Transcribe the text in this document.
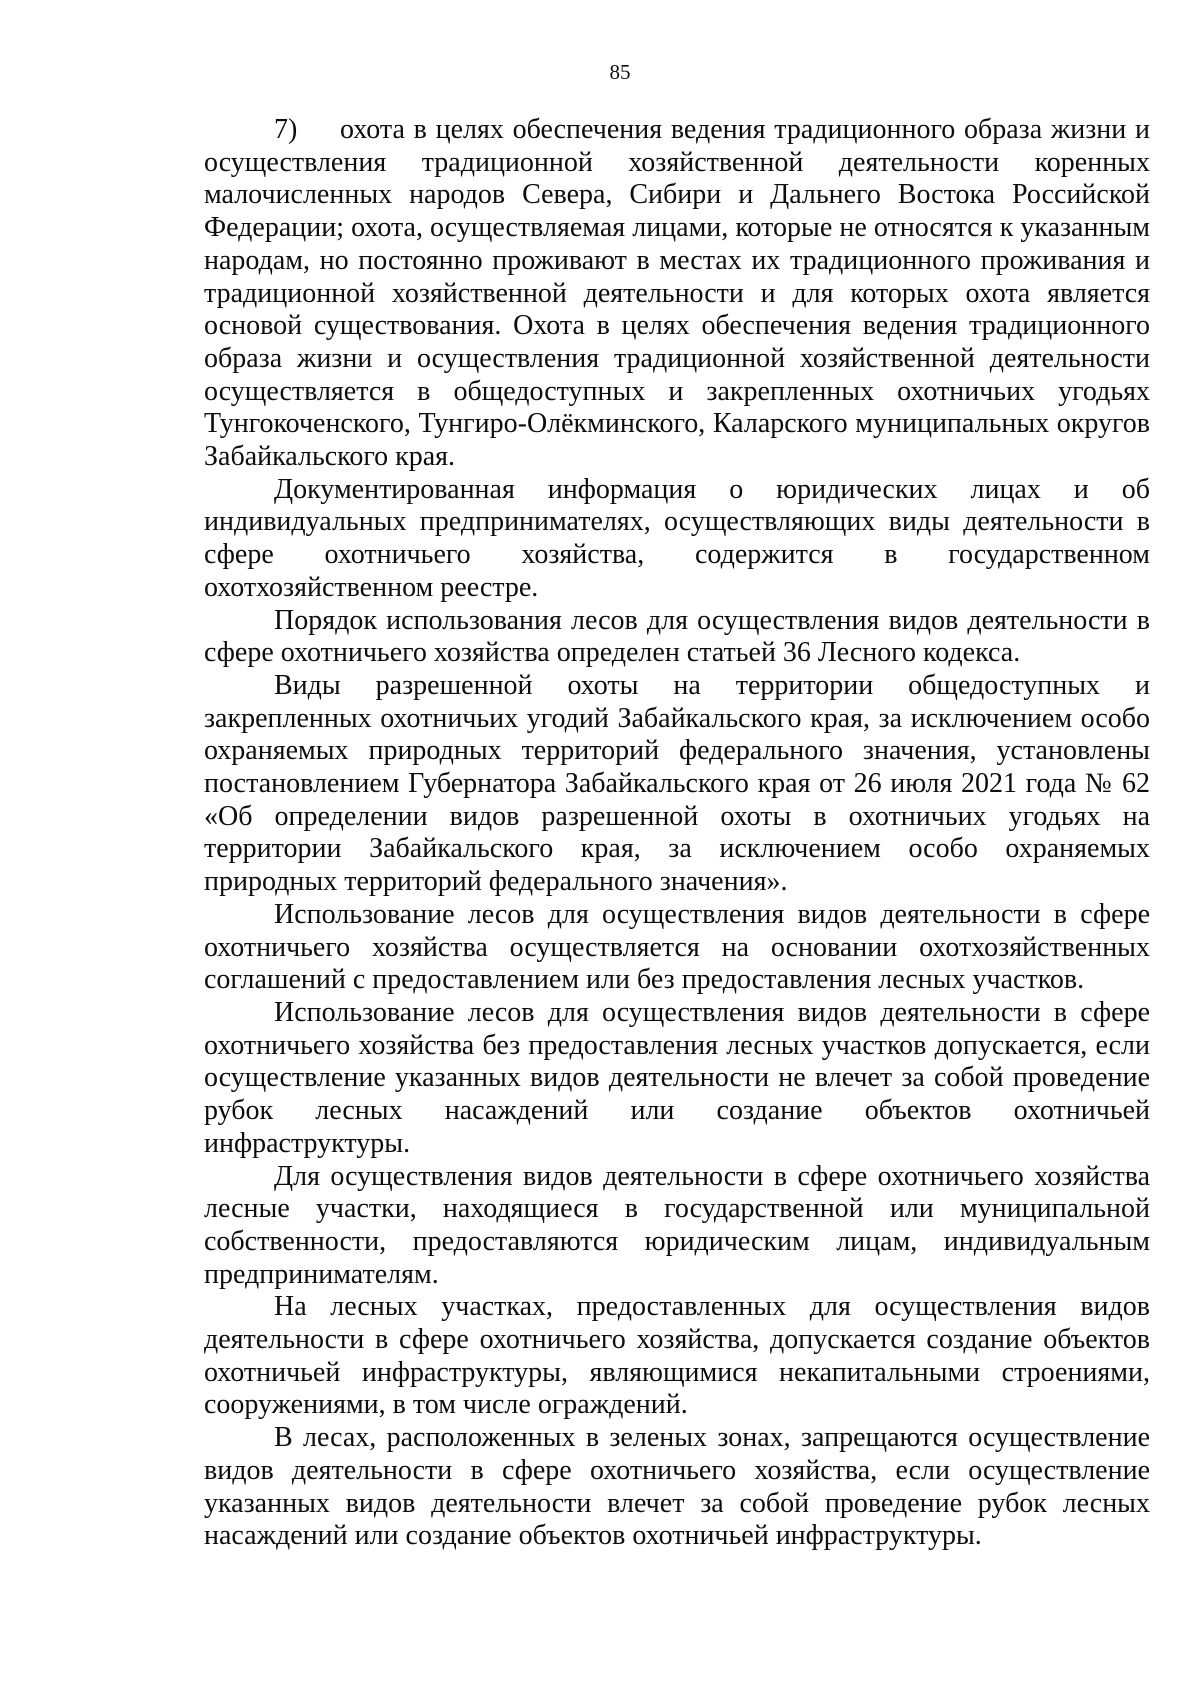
85

7) охота в целях обеспечения ведения традиционного образа жизни и осуществления традиционной хозяйственной деятельности коренных малочисленных народов Севера, Сибири и Дальнего Востока Российской Федерации; охота, осуществляемая лицами, которые не относятся к указанным народам, но постоянно проживают в местах их традиционного проживания и традиционной хозяйственной деятельности и для которых охота является основой существования. Охота в целях обеспечения ведения традиционного образа жизни и осуществления традиционной хозяйственной деятельности осуществляется в общедоступных и закрепленных охотничьих угодьях Тунгокоченского, Тунгиро-Олёкминского, Каларского муниципальных округов Забайкальского края.

Документированная информация о юридических лицах и об индивидуальных предпринимателях, осуществляющих виды деятельности в сфере охотничьего хозяйства, содержится в государственном охотхозяйственном реестре.

Порядок использования лесов для осуществления видов деятельности в сфере охотничьего хозяйства определен статьей 36 Лесного кодекса.

Виды разрешенной охоты на территории общедоступных и закрепленных охотничьих угодий Забайкальского края, за исключением особо охраняемых природных территорий федерального значения, установлены постановлением Губернатора Забайкальского края от 26 июля 2021 года № 62 «Об определении видов разрешенной охоты в охотничьих угодьях на территории Забайкальского края, за исключением особо охраняемых природных территорий федерального значения».

Использование лесов для осуществления видов деятельности в сфере охотничьего хозяйства осуществляется на основании охотхозяйственных соглашений с предоставлением или без предоставления лесных участков.

Использование лесов для осуществления видов деятельности в сфере охотничьего хозяйства без предоставления лесных участков допускается, если осуществление указанных видов деятельности не влечет за собой проведение рубок лесных насаждений или создание объектов охотничьей инфраструктуры.

Для осуществления видов деятельности в сфере охотничьего хозяйства лесные участки, находящиеся в государственной или муниципальной собственности, предоставляются юридическим лицам, индивидуальным предпринимателям.

На лесных участках, предоставленных для осуществления видов деятельности в сфере охотничьего хозяйства, допускается создание объектов охотничьей инфраструктуры, являющимися некапитальными строениями, сооружениями, в том числе ограждений.

В лесах, расположенных в зеленых зонах, запрещаются осуществление видов деятельности в сфере охотничьего хозяйства, если осуществление указанных видов деятельности влечет за собой проведение рубок лесных насаждений или создание объектов охотничьей инфраструктуры.
